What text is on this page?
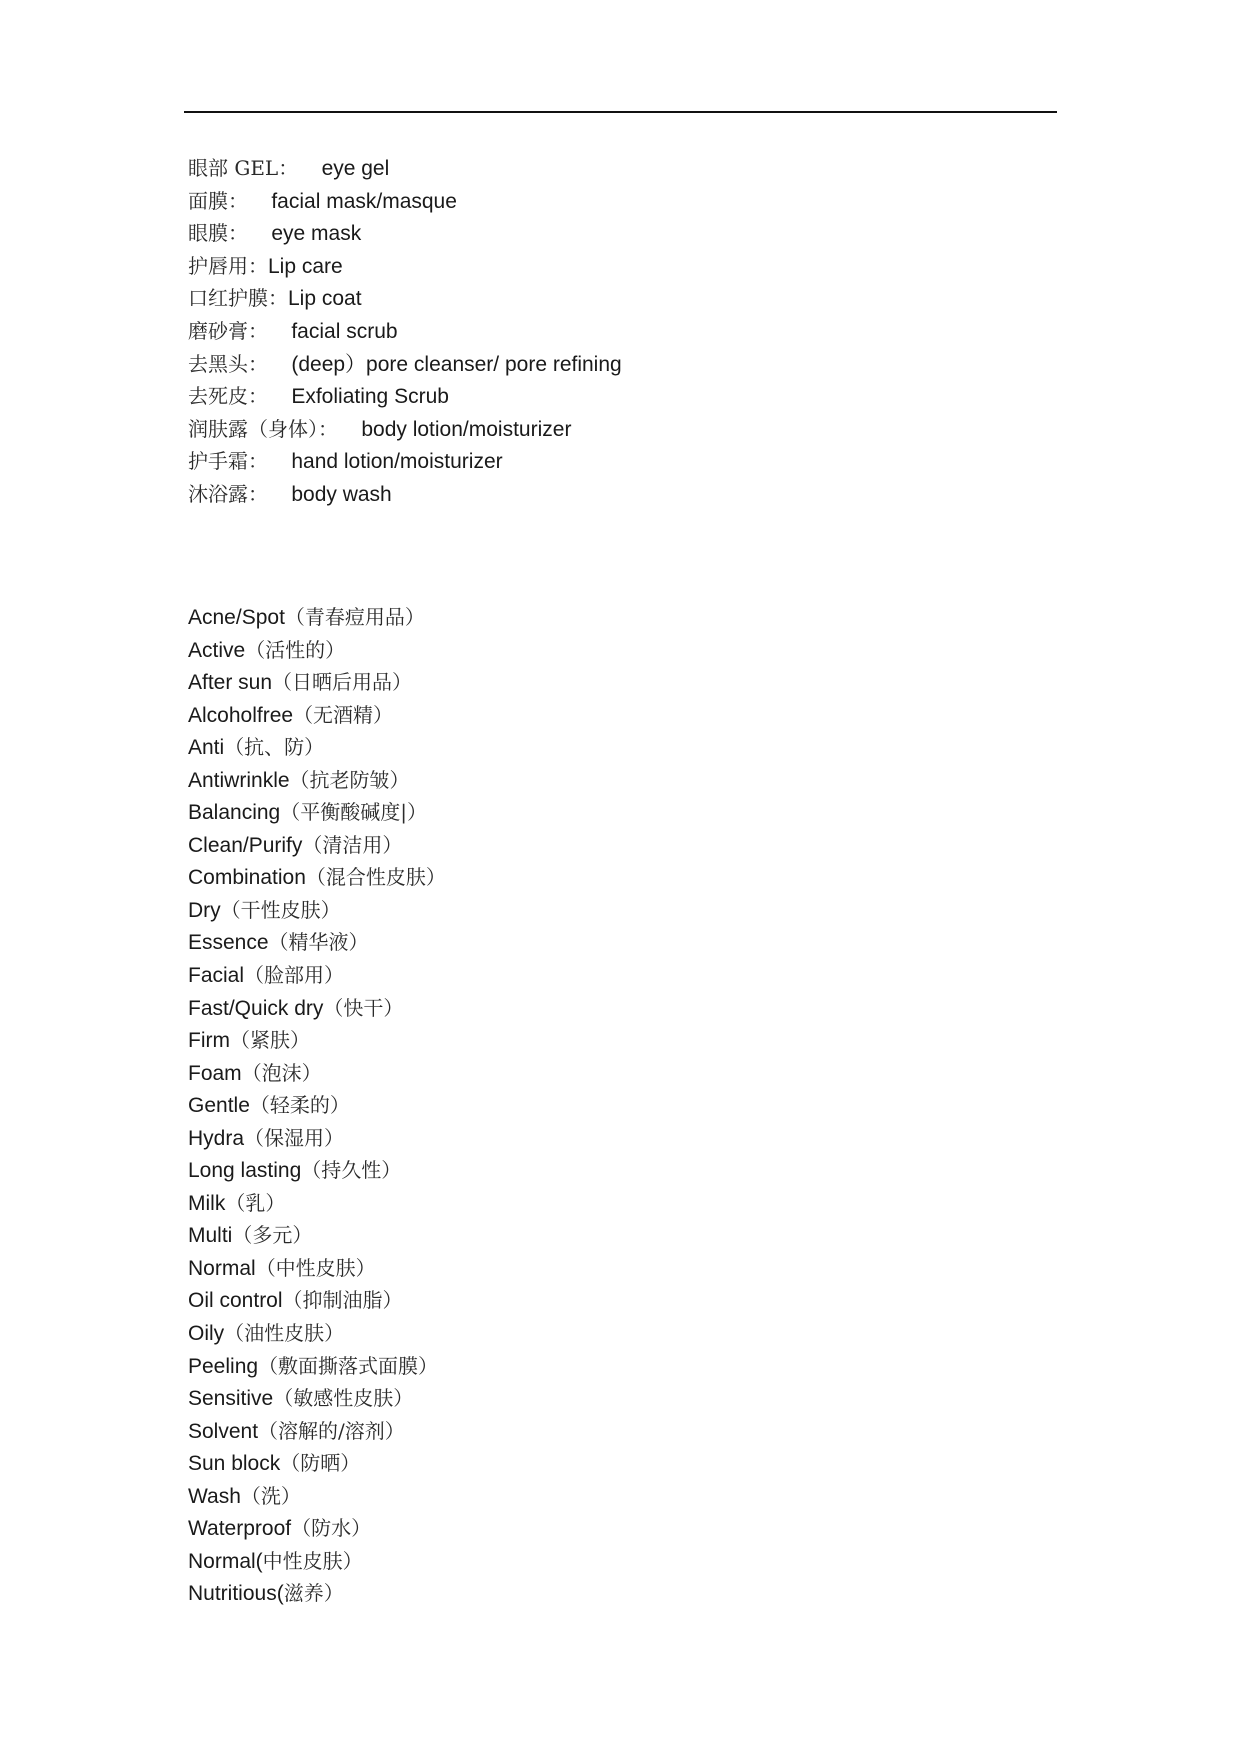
眼部 GEL： eye gel
面膜： facial mask/masque
眼膜： eye mask
护唇用：Lip care
口红护膜：Lip coat
磨砂膏： facial scrub
去黑头： (deep）pore cleanser/ pore refining
去死皮： Exfoliating Scrub
润肤露（身体）： body lotion/moisturizer
护手霜： hand lotion/moisturizer
沐浴露： body wash
Acne/Spot（青春痘用品）
Active（活性的）
After sun（日晒后用品）
Alcoholfree（无酒精）
Anti（抗、防）
Antiwrinkle（抗老防皱）
Balancing（平衡酸碱度|）
Clean/Purify（清洁用）
Combination（混合性皮肤）
Dry（干性皮肤）
Essence（精华液）
Facial（脸部用）
Fast/Quick dry（快干）
Firm（紧肤）
Foam（泡沫）
Gentle（轻柔的）
Hydra（保湿用）
Long lasting（持久性）
Milk（乳）
Multi（多元）
Normal（中性皮肤）
Oil control（抑制油脂）
Oily（油性皮肤）
Peeling（敷面撕落式面膜）
Sensitive（敏感性皮肤）
Solvent（溶解的/溶剂）
Sun block（防晒）
Wash（洗）
Waterproof（防水）
Normal(中性皮肤）
Nutritious(滋养）
